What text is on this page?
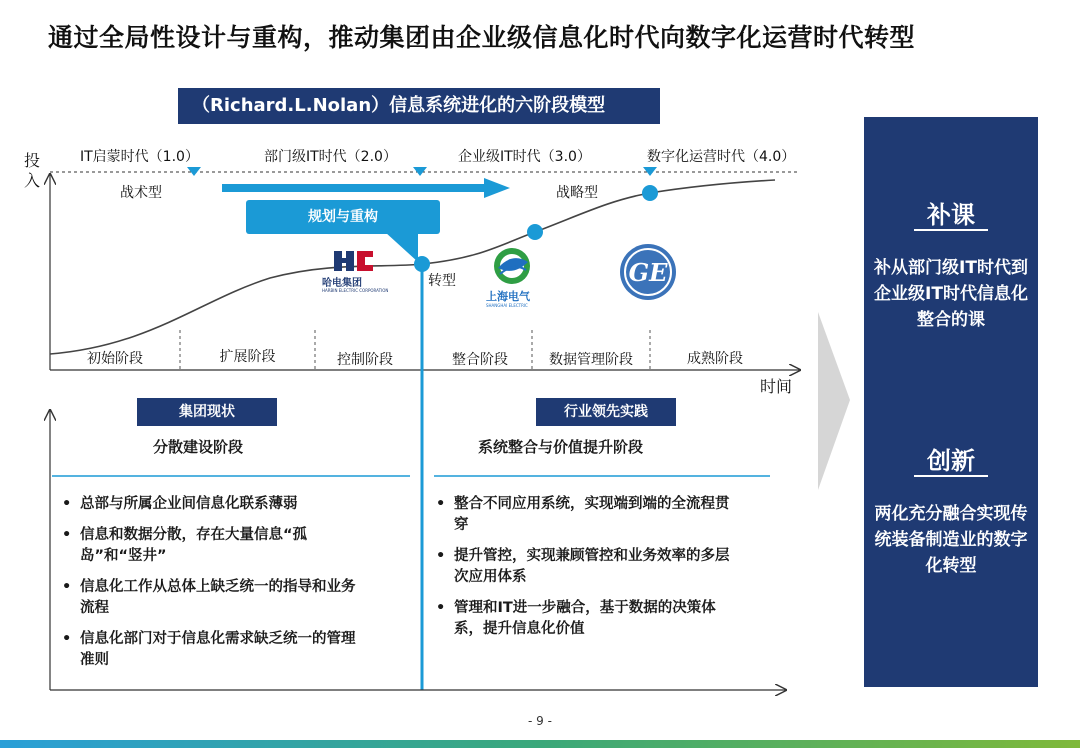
通过全局性设计与重构，推动集团由企业级信息化时代向数字化运营时代转型
（Richard.L.Nolan）信息系统进化的六阶段模型
GE
投
入
时间
IT启蒙时代（1.0）	部门级IT时代（2.0）	企业级IT时代（3.0）	数字化运营时代（4.0）
战术型	战略型
规划与重构
转型
哈电集团
HARBIN ELECTRIC CORPORATION	上海电气
SHANGHAI ELECTRIC
初始阶段	扩展阶段	控制阶段	整合阶段	数据管理阶段	成熟阶段
集团现状
分散建设阶段
• 总部与所属企业间信息化联系薄弱
• 信息和数据分散，存在大量信息“孤岛”和“竖井”
• 信息化工作从总体上缺乏统一的指导和业务流程
• 信息化部门对于信息化需求缺乏统一的管理准则
行业领先实践
系统整合与价值提升阶段
• 整合不同应用系统，实现端到端的全流程贯穿
• 提升管控，实现兼顾管控和业务效率的多层次应用体系
• 管理和IT进一步融合，基于数据的决策体系，提升信息化价值
补课
补从部门级IT时代到企业级IT时代信息化整合的课
创新
两化充分融合实现传统装备制造业的数字化转型
- 9 -
